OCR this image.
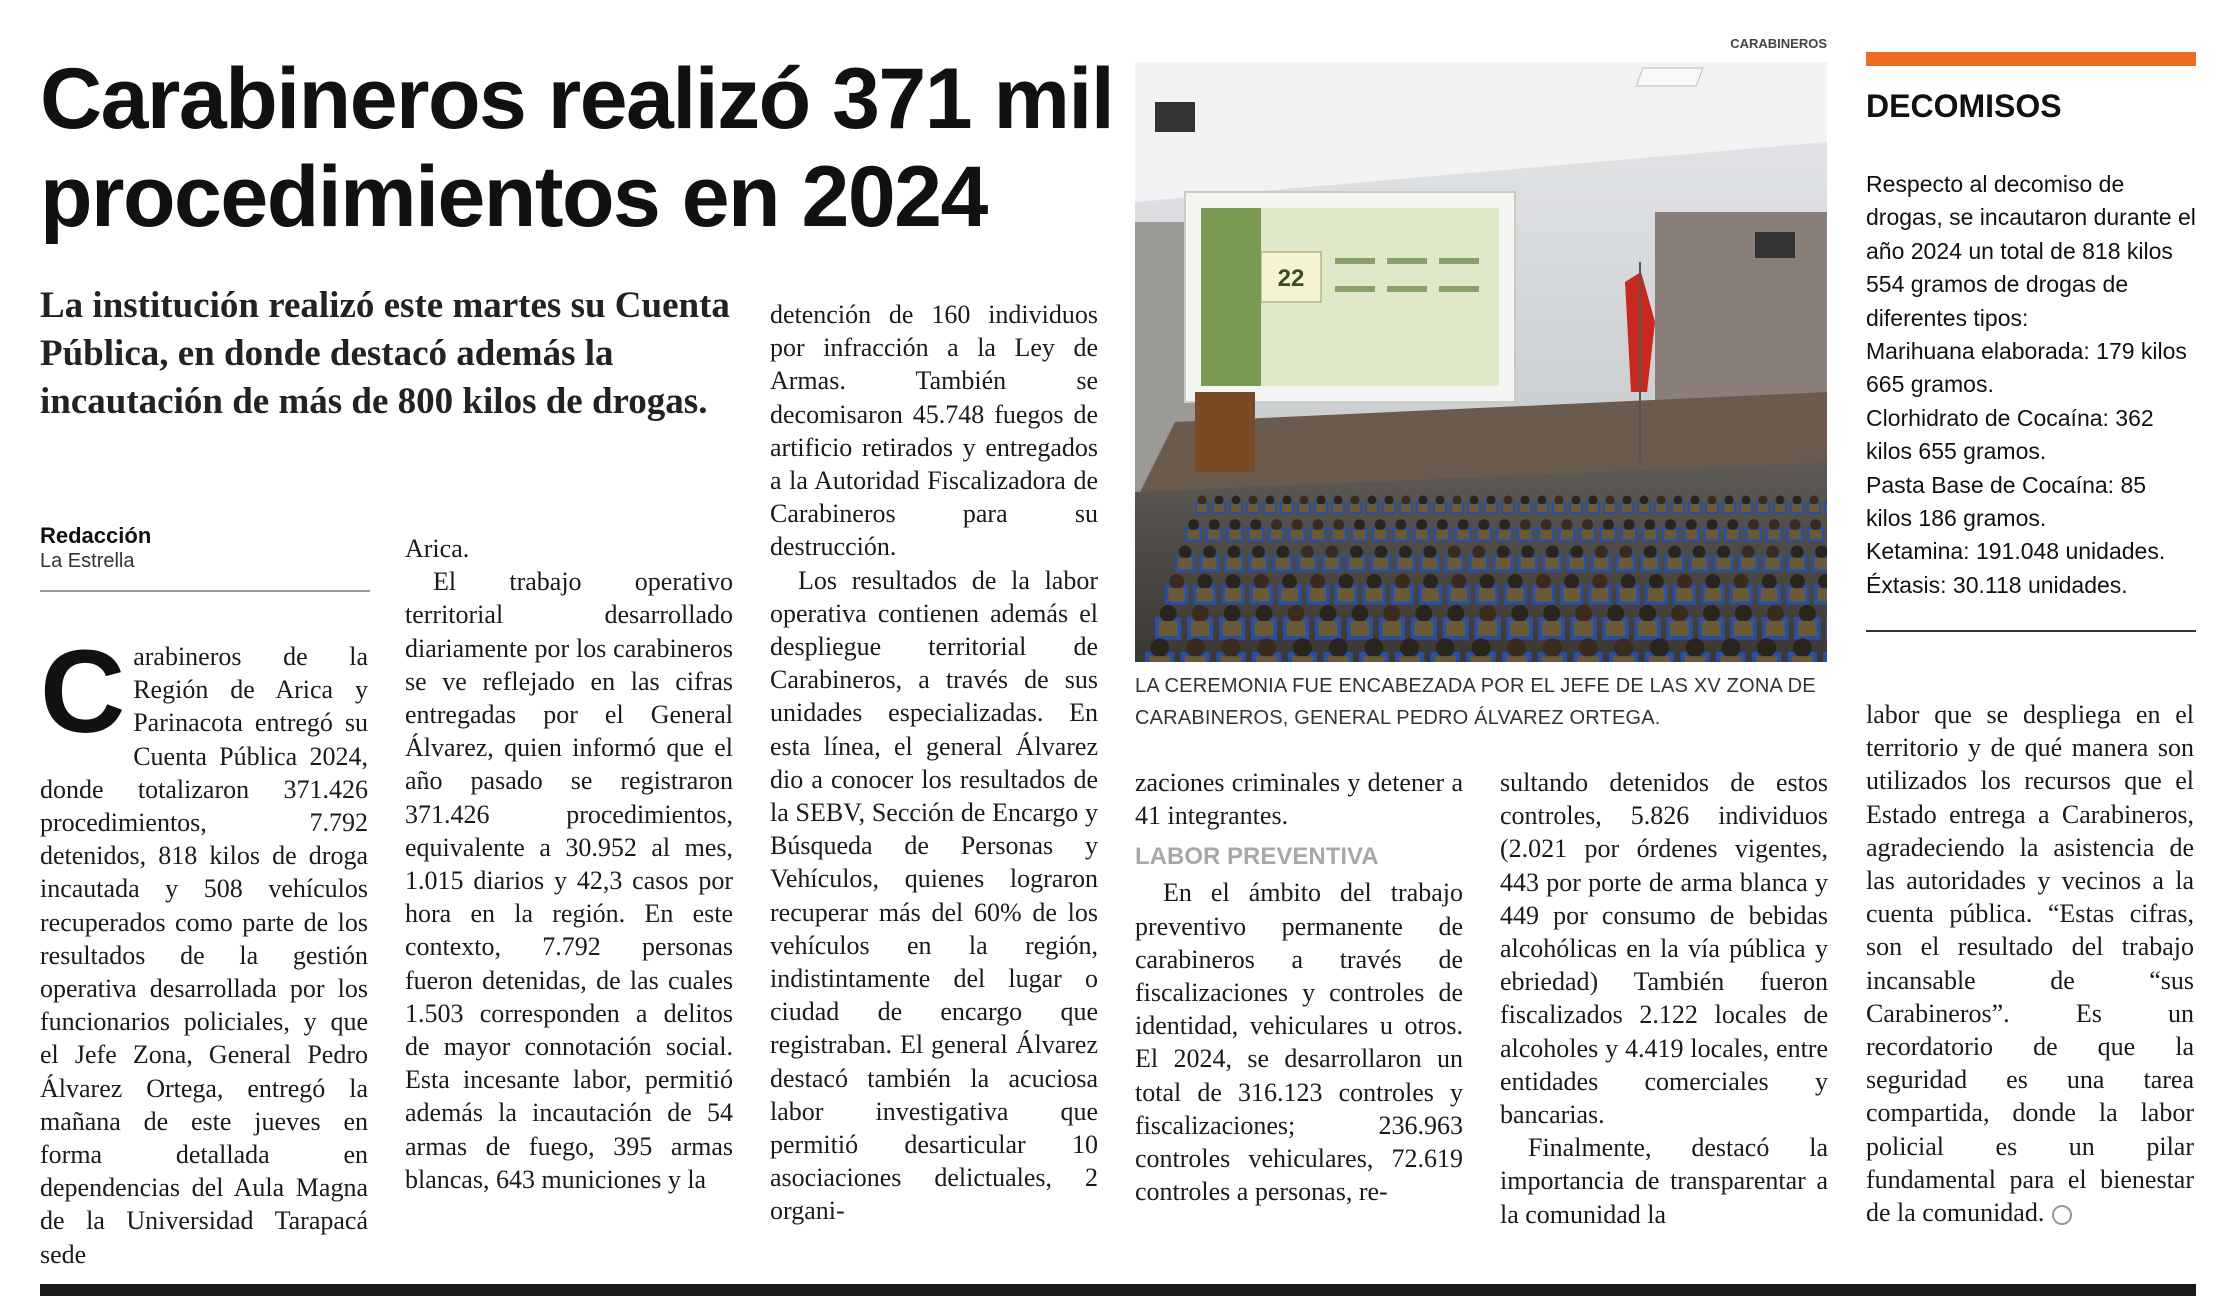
Carabineros realizó 371 mil procedimientos en 2024

La institución realizó este martes su Cuenta Pública, en donde destacó además la incautación de más de 800 kilos de drogas.

Redacción
La Estrella
C arabineros de la Región de Arica y Parinacota entregó su Cuenta Pública 2024, donde totalizaron 371.426 procedimientos, 7.792 detenidos, 818 kilos de droga incautada y 508 vehículos recuperados como parte de los resultados de la gestión operativa desarrollada por los funcionarios policiales, y que el Jefe Zona, General Pedro Álvarez Ortega, entregó la mañana de este jueves en forma detallada en dependencias del Aula Magna de la Universidad Tarapacá sede

Arica.

El trabajo operativo territorial desarrollado diariamente por los carabineros se ve reflejado en las cifras entregadas por el General Álvarez, quien informó que el año pasado se registraron 371.426 procedimientos, equivalente a 30.952 al mes, 1.015 diarios y 42,3 casos por hora en la región. En este contexto, 7.792 personas fueron detenidas, de las cuales 1.503 corresponden a delitos de mayor connotación social. Esta incesante labor, permitió además la incautación de 54 armas de fuego, 395 armas blancas, 643 municiones y la

detención de 160 individuos por infracción a la Ley de Armas. También se decomisaron 45.748 fuegos de artificio retirados y entregados a la Autoridad Fiscalizadora de Carabineros para su destrucción.

Los resultados de la labor operativa contienen además el despliegue territorial de Carabineros, a través de sus unidades especializadas. En esta línea, el general Álvarez dio a conocer los resultados de la SEBV, Sección de Encargo y Búsqueda de Personas y Vehículos, quienes lograron recuperar más del 60% de los vehículos en la región, indistintamente del lugar o ciudad de encargo que registraban. El general Álvarez destacó también la acuciosa labor investigativa que permitió desarticular 10 asociaciones delictuales, 2 organi-

CARABINEROS
22

LA CEREMONIA FUE ENCABEZADA POR EL JEFE DE LAS XV ZONA DE CARABINEROS, GENERAL PEDRO ÁLVAREZ ORTEGA.

zaciones criminales y detener a 41 integrantes.

LABOR PREVENTIVA

En el ámbito del trabajo preventivo permanente de carabineros a través de fiscalizaciones y controles de identidad, vehiculares u otros. El 2024, se desarrollaron un total de 316.123 controles y fiscalizaciones; 236.963 controles vehiculares, 72.619 controles a personas, re-

sultando detenidos de estos controles, 5.826 individuos (2.021 por órdenes vigentes, 443 por porte de arma blanca y 449 por consumo de bebidas alcohólicas en la vía pública y ebriedad) También fueron fiscalizados 2.122 locales de alcoholes y 4.419 locales, entre entidades comerciales y bancarias.

Finalmente, destacó la importancia de transparentar a la comunidad la

DECOMISOS

Respecto al decomiso de drogas, se incautaron durante el año 2024 un total de 818 kilos 554 gramos de drogas de diferentes tipos:

Marihuana elaborada: 179 kilos 665 gramos.

Clorhidrato de Cocaína: 362 kilos 655 gramos.

Pasta Base de Cocaína: 85 kilos 186 gramos.

Ketamina: 191.048 unidades.

Éxtasis: 30.118 unidades.

labor que se despliega en el territorio y de qué manera son utilizados los recursos que el Estado entrega a Carabineros, agradeciendo la asistencia de las autoridades y vecinos a la cuenta pública. “Estas cifras, son el resultado del trabajo incansable de “sus Carabineros”. Es un recordatorio de que la seguridad es una tarea compartida, donde la labor policial es un pilar fundamental para el bienestar de la comunidad.
